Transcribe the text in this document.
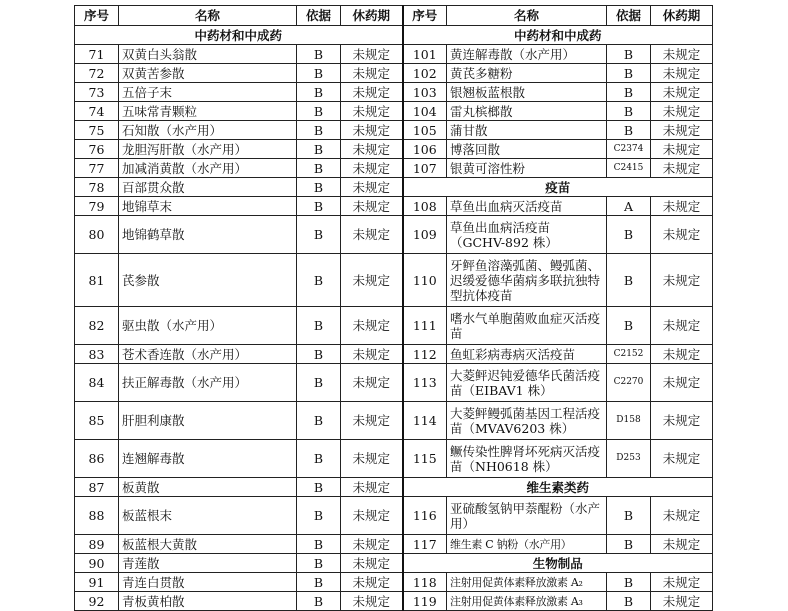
序号	名称	依据	休药期	序号	名称	依据	休药期
中药材和中成药				中药材和中成药			
71	双黄白头翁散	B	未规定	101	黄连解毒散（水产用）	B	未规定
72	双黄苦参散	B	未规定	102	黄芪多糖粉	B	未规定
73	五倍子末	B	未规定	103	银翘板蓝根散	B	未规定
74	五味常青颗粒	B	未规定	104	雷丸槟榔散	B	未规定
75	石知散（水产用）	B	未规定	105	蒲甘散	B	未规定
76	龙胆泻肝散（水产用）	B	未规定	106	博落回散	C2374	未规定
77	加减消黄散（水产用）	B	未规定	107	银黄可溶性粉	C2415	未规定
78	百部贯众散	B	未规定	疫苗			
79	地锦草末	B	未规定	108	草鱼出血病灭活疫苗	A	未规定
80	地锦鹤草散	B	未规定	109	草鱼出血病活疫苗（GCHV-892 株）	B	未规定
81	芪参散	B	未规定	110	牙鲆鱼溶藻弧菌、鳗弧菌、迟缓爱德华菌病多联抗独特型抗体疫苗	B	未规定
82	驱虫散（水产用）	B	未规定	111	嗜水气单胞菌败血症灭活疫苗	B	未规定
83	苍术香连散（水产用）	B	未规定	112	鱼虹彩病毒病灭活疫苗	C2152	未规定
84	扶正解毒散（水产用）	B	未规定	113	大菱鲆迟钝爱德华氏菌活疫苗（EIBAV1 株）	C2270	未规定
85	肝胆利康散	B	未规定	114	大菱鲆鳗弧菌基因工程活疫苗（MVAV6203 株）	D158	未规定
86	连翘解毒散	B	未规定	115	鳜传染性脾肾坏死病灭活疫苗（NH0618 株）	D253	未规定
87	板黄散	B	未规定	维生素类药			
88	板蓝根末	B	未规定	116	亚硫酸氢钠甲萘醌粉（水产用）	B	未规定
89	板蓝根大黄散	B	未规定	117	维生素 C 钠粉（水产用）	B	未规定
90	青莲散	B	未规定	生物制品			
91	青连白贯散	B	未规定	118	注射用促黄体素释放激素 A₂	B	未规定
92	青板黄柏散	B	未规定	119	注射用促黄体素释放激素 A₃	B	未规定
